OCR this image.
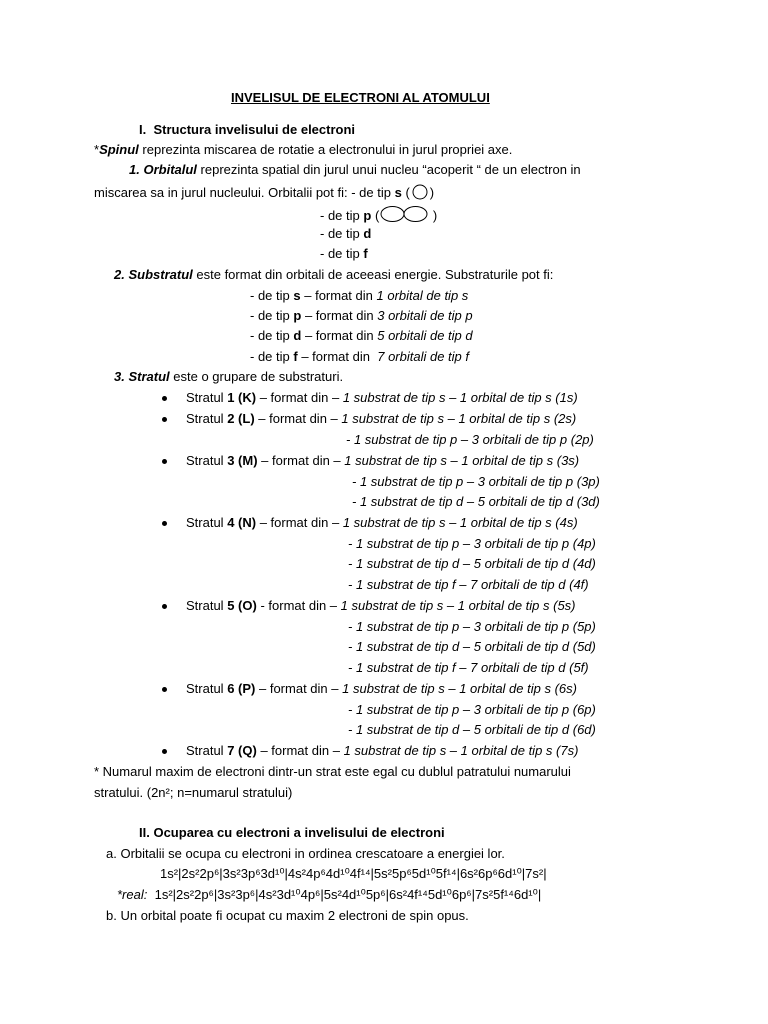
INVELISUL DE ELECTRONI AL ATOMULUI
I. Structura invelisului de electroni
*Spinul reprezinta miscarea de rotatie a electronului in jurul propriei axe.
1. Orbitalul reprezinta spatial din jurul unui nucleu “acoperit “ de un electron in
miscarea sa in jurul nucleului. Orbitalii pot fi: - de tip s ( )
- de tip p (	)
- de tip d
- de tip f
2. Substratul este format din orbitali de aceeasi energie. Substraturile pot fi:
- de tip s – format din 1 orbital de tip s
- de tip p – format din 3 orbitali de tip p
- de tip d – format din 5 orbitali de tip d
- de tip f – format din 7 orbitali de tip f
3. Stratul este o grupare de substraturi.
Stratul 1 (K) – format din – 1 substrat de tip s – 1 orbital de tip s (1s)
Stratul 2 (L) – format din – 1 substrat de tip s – 1 orbital de tip s (2s)
- 1 substrat de tip p – 3 orbitali de tip p (2p)
Stratul 3 (M) – format din – 1 substrat de tip s – 1 orbital de tip s (3s)
- 1 substrat de tip p – 3 orbitali de tip p (3p)
- 1 substrat de tip d – 5 orbitali de tip d (3d)
Stratul 4 (N) – format din – 1 substrat de tip s – 1 orbital de tip s (4s)
- 1 substrat de tip p – 3 orbitali de tip p (4p)
- 1 substrat de tip d – 5 orbitali de tip d (4d)
- 1 substrat de tip f – 7 orbitali de tip d (4f)
Stratul 5 (O) - format din – 1 substrat de tip s – 1 orbital de tip s (5s)
- 1 substrat de tip p – 3 orbitali de tip p (5p)
- 1 substrat de tip d – 5 orbitali de tip d (5d)
- 1 substrat de tip f – 7 orbitali de tip d (5f)
Stratul 6 (P) – format din – 1 substrat de tip s – 1 orbital de tip s (6s)
- 1 substrat de tip p – 3 orbitali de tip p (6p)
- 1 substrat de tip d – 5 orbitali de tip d (6d)
Stratul 7 (Q) – format din – 1 substrat de tip s – 1 orbital de tip s (7s)
* Numarul maxim de electroni dintr-un strat este egal cu dublul patratului numarului
stratului. (2n²; n=numarul stratului)
II. Ocuparea cu electroni a invelisului de electroni
a. Orbitalii se ocupa cu electroni in ordinea crescatoare a energiei lor.
1s²|2s²2p⁶|3s²3p⁶3d¹⁰|4s²4p⁶4d¹⁰4f¹⁴|5s²5p⁶5d¹⁰5f¹⁴|6s²6p⁶6d¹⁰|7s²|
*real: 1s²|2s²2p⁶|3s²3p⁶|4s²3d¹⁰4p⁶|5s²4d¹⁰5p⁶|6s²4f¹⁴5d¹⁰6p⁶|7s²5f¹⁴6d¹⁰|
b. Un orbital poate fi ocupat cu maxim 2 electroni de spin opus.
